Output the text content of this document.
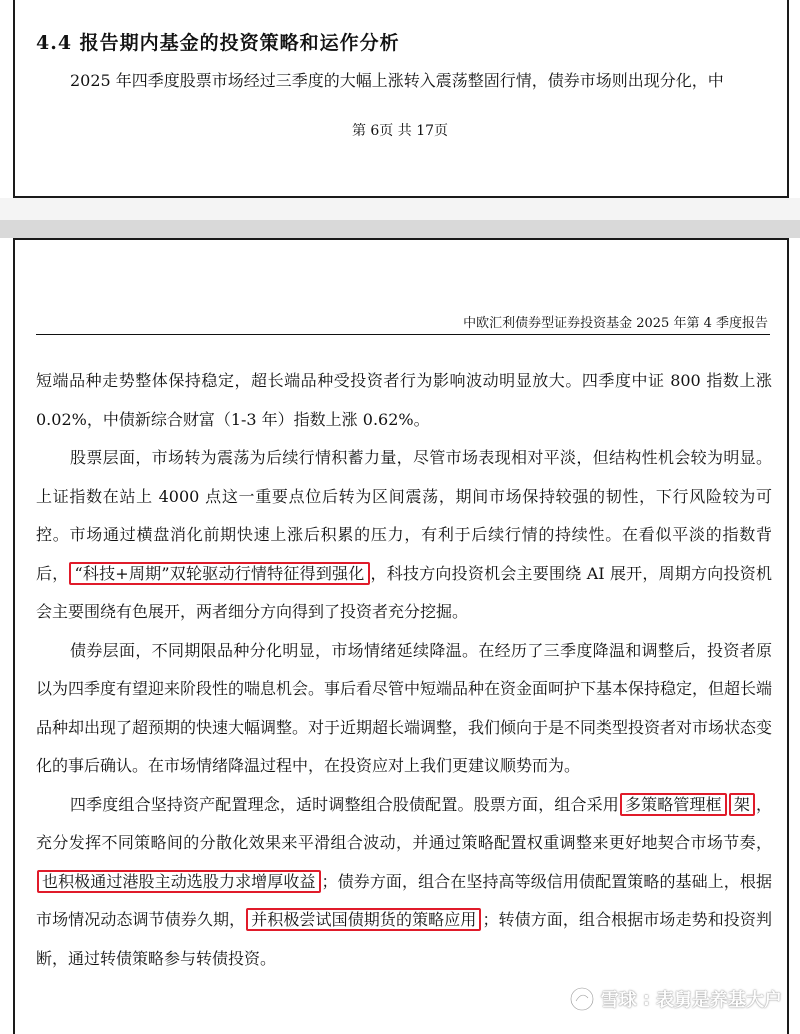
4.4 报告期内基金的投资策略和运作分析

2025 年四季度股票市场经过三季度的大幅上涨转入震荡整固行情，债券市场则出现分化，中

第 6页 共 17页
中欧汇利债券型证券投资基金 2025 年第 4 季度报告

短端品种走势整体保持稳定，超长端品种受投资者行为影响波动明显放大。四季度中证 800 指数上涨 0.02%，中债新综合财富（1-3 年）指数上涨 0.62%。

股票层面，市场转为震荡为后续行情积蓄力量，尽管市场表现相对平淡，但结构性机会较为明显。上证指数在站上 4000 点这一重要点位后转为区间震荡，期间市场保持较强的韧性，下行风险较为可控。市场通过横盘消化前期快速上涨后积累的压力，有利于后续行情的持续性。在看似平淡的指数背后， “科技+周期”双轮驱动行情特征得到强化 ，科技方向投资机会主要围绕 AI 展开，周期方向投资机会主要围绕有色展开，两者细分方向得到了投资者充分挖掘。

债券层面，不同期限品种分化明显，市场情绪延续降温。在经历了三季度降温和调整后，投资者原以为四季度有望迎来阶段性的喘息机会。事后看尽管中短端品种在资金面呵护下基本保持稳定，但超长端品种却出现了超预期的快速大幅调整。对于近期超长端调整，我们倾向于是不同类型投资者对市场状态变化的事后确认。在市场情绪降温过程中，在投资应对上我们更建议顺势而为。

四季度组合坚持资产配置理念，适时调整组合股债配置。股票方面，组合采用 多策略管理框 架 ，充分发挥不同策略间的分散化效果来平滑组合波动，并通过策略配置权重调整来更好地契合市场节奏，也积极通过港股主动选股力求增厚收益 ；债券方面，组合在坚持高等级信用债配置策略的基础上，根据市场情况动态调节债券久期， 并积极尝试国债期货的策略应用 ；转债方面，组合根据市场走势和投资判断，通过转债策略参与转债投资。

雪球 : 表舅是养基大户
